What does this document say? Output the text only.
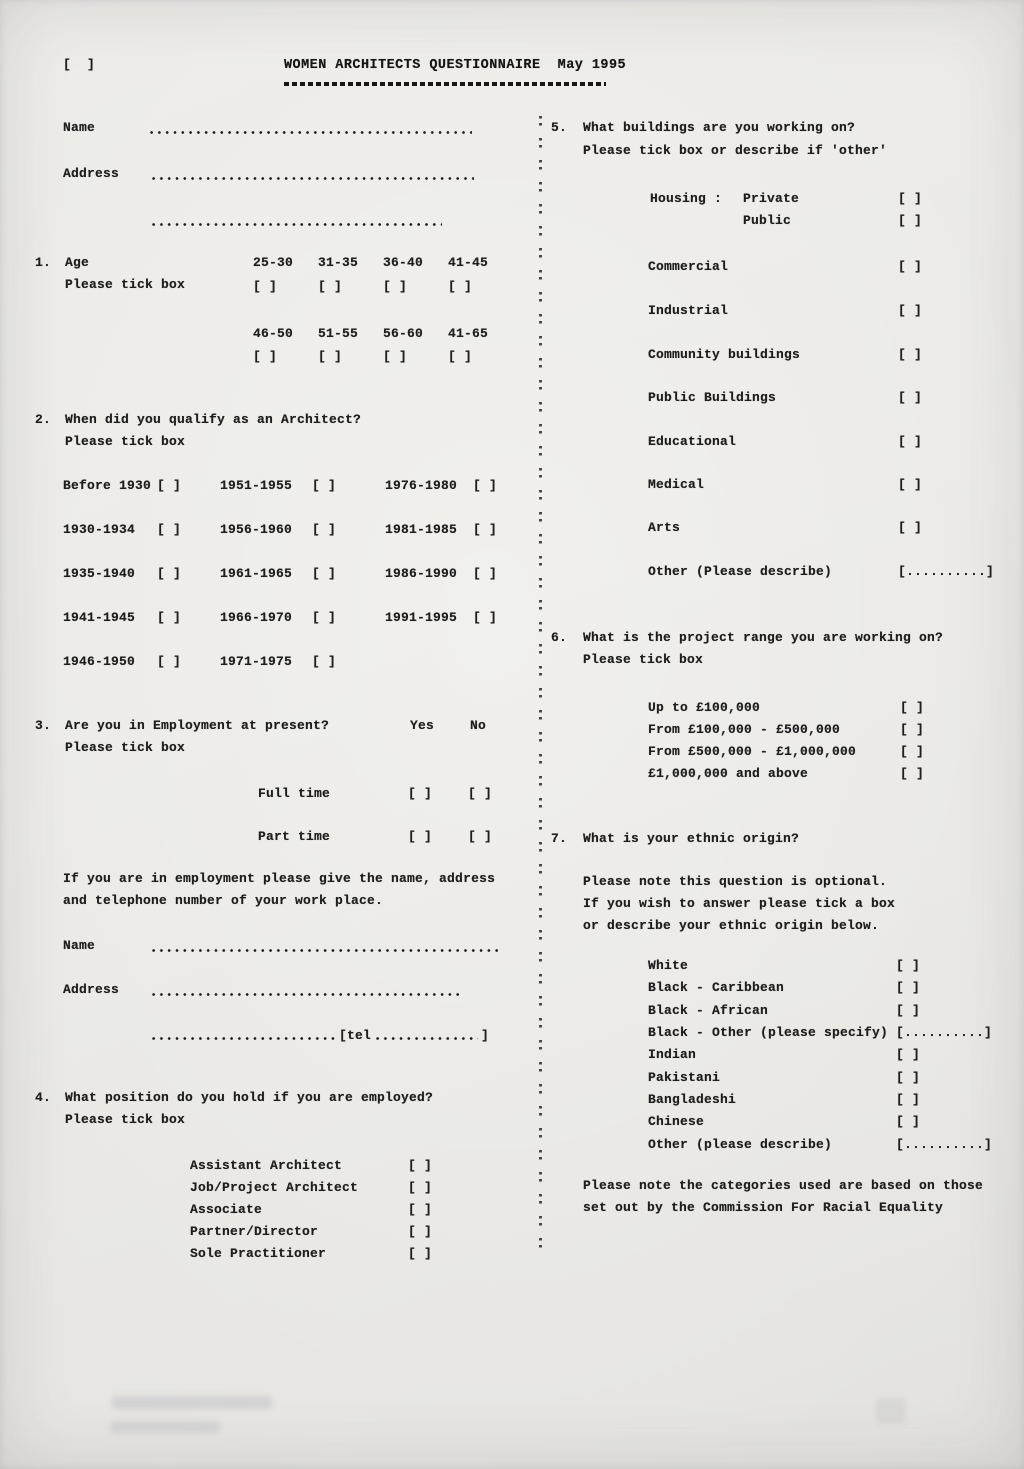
[  ]	WOMEN ARCHITECTS QUESTIONNAIRE  May 1995
Name
Address
1. Age
Please tick box
25-30 31-35 36-40 41-45
[ ]	[ ]	[ ]	[ ]
46-50 51-55 56-60 41-65
[ ]	[ ]	[ ]	[ ]
2. When did you qualify as an Architect?
Please tick box
Before 1930 [ ]	1951-1955 [ ]	1976-1980 [ ]
1930-1934 [ ]	1956-1960 [ ]	1981-1985 [ ]
1935-1940 [ ]	1961-1965 [ ]	1986-1990 [ ]
1941-1945 [ ]	1966-1970 [ ]	1991-1995 [ ]
1946-1950 [ ]	1971-1975 [ ]
3. Are you in Employment at present?	Yes	No
Please tick box
Full time	[ ]	[ ]
Part time	[ ]	[ ]
If you are in employment please give the name, address
and telephone number of your work place.
Name
Address
[tel	]
4. What position do you hold if you are employed?
Please tick box
Assistant Architect	[ ]
Job/Project Architect	[ ]
Associate	[ ]
Partner/Director	[ ]
Sole Practitioner	[ ]
5. What buildings are you working on?
Please tick box or describe if 'other'
Housing : Private	[ ]
Public	[ ]
Commercial	[ ]
Industrial	[ ]
Community buildings	[ ]
Public Buildings	[ ]
Educational	[ ]
Medical	[ ]
Arts	[ ]
Other (Please describe)	[..........]
6. What is the project range you are working on?
Please tick box
Up to £100,000	[ ]
From £100,000 - £500,000	[ ]
From £500,000 - £1,000,000	[ ]
£1,000,000 and above	[ ]
7. What is your ethnic origin?
Please note this question is optional.
If you wish to answer please tick a box
or describe your ethnic origin below.
White	[ ]
Black - Caribbean	[ ]
Black - African	[ ]
Black - Other (please specify) [..........]
Indian	[ ]
Pakistani	[ ]
Bangladeshi	[ ]
Chinese	[ ]
Other (please describe)	[..........]
Please note the categories used are based on those
set out by the Commission For Racial Equality
